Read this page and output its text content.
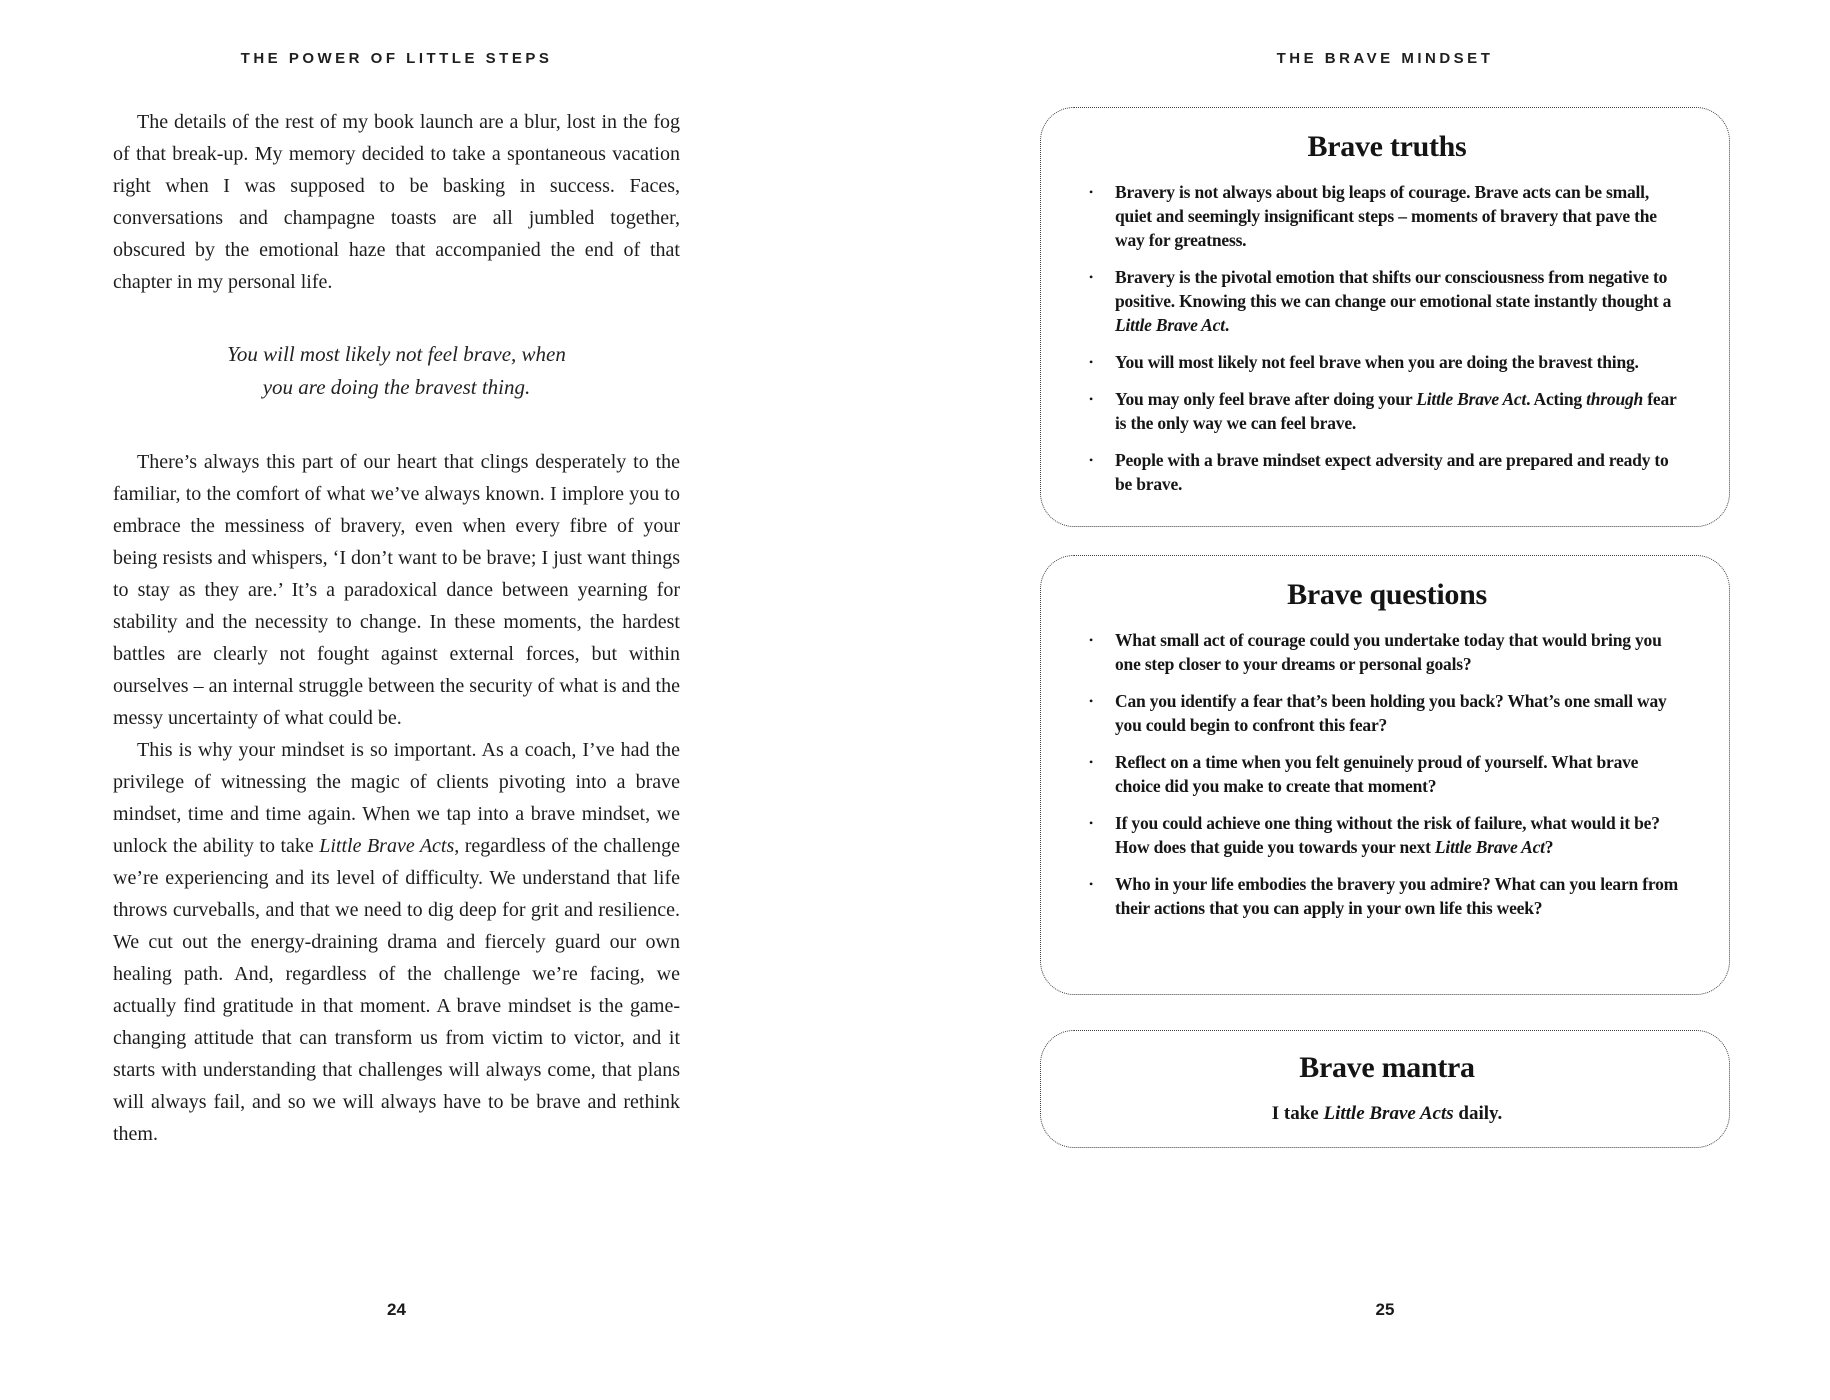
THE POWER OF LITTLE STEPS

The details of the rest of my book launch are a blur, lost in the fog of that break-up. My memory decided to take a spontaneous vacation right when I was supposed to be basking in success. Faces, conversations and champagne toasts are all jumbled together, obscured by the emotional haze that accompanied the end of that chapter in my personal life.

You will most likely not feel brave, when
you are doing the bravest thing.

There’s always this part of our heart that clings desperately to the familiar, to the comfort of what we’ve always known. I implore you to embrace the messiness of bravery, even when every fibre of your being resists and whispers, ‘I don’t want to be brave; I just want things to stay as they are.’ It’s a paradoxical dance between yearning for stability and the necessity to change. In these moments, the hardest battles are clearly not fought against external forces, but within ourselves – an internal struggle between the security of what is and the messy uncertainty of what could be.

This is why your mindset is so important. As a coach, I’ve had the privilege of witnessing the magic of clients pivoting into a brave mindset, time and time again. When we tap into a brave mindset, we unlock the ability to take Little Brave Acts, regardless of the challenge we’re experiencing and its level of difficulty. We understand that life throws curveballs, and that we need to dig deep for grit and resilience. We cut out the energy-draining drama and fiercely guard our own healing path. And, regardless of the challenge we’re facing, we actually find gratitude in that moment. A brave mindset is the game-changing attitude that can transform us from victim to victor, and it starts with understanding that challenges will always come, that plans will always fail, and so we will always have to be brave and rethink them.

24
THE BRAVE MINDSET
Brave truths
•	Bravery is not always about big leaps of courage. Brave acts can be small, quiet and seemingly insignificant steps – moments of bravery that pave the way for greatness.
•	Bravery is the pivotal emotion that shifts our consciousness from negative to positive. Knowing this we can change our emotional state instantly thought a Little Brave Act.
•	You will most likely not feel brave when you are doing the bravest thing.
•	You may only feel brave after doing your Little Brave Act. Acting through fear is the only way we can feel brave.
•	People with a brave mindset expect adversity and are prepared and ready to be brave.
Brave questions
•	What small act of courage could you undertake today that would bring you one step closer to your dreams or personal goals?
•	Can you identify a fear that’s been holding you back? What’s one small way you could begin to confront this fear?
•	Reflect on a time when you felt genuinely proud of yourself. What brave choice did you make to create that moment?
•	If you could achieve one thing without the risk of failure, what would it be? How does that guide you towards your next Little Brave Act?
•	Who in your life embodies the bravery you admire? What can you learn from their actions that you can apply in your own life this week?
Brave mantra
I take Little Brave Acts daily.
25
